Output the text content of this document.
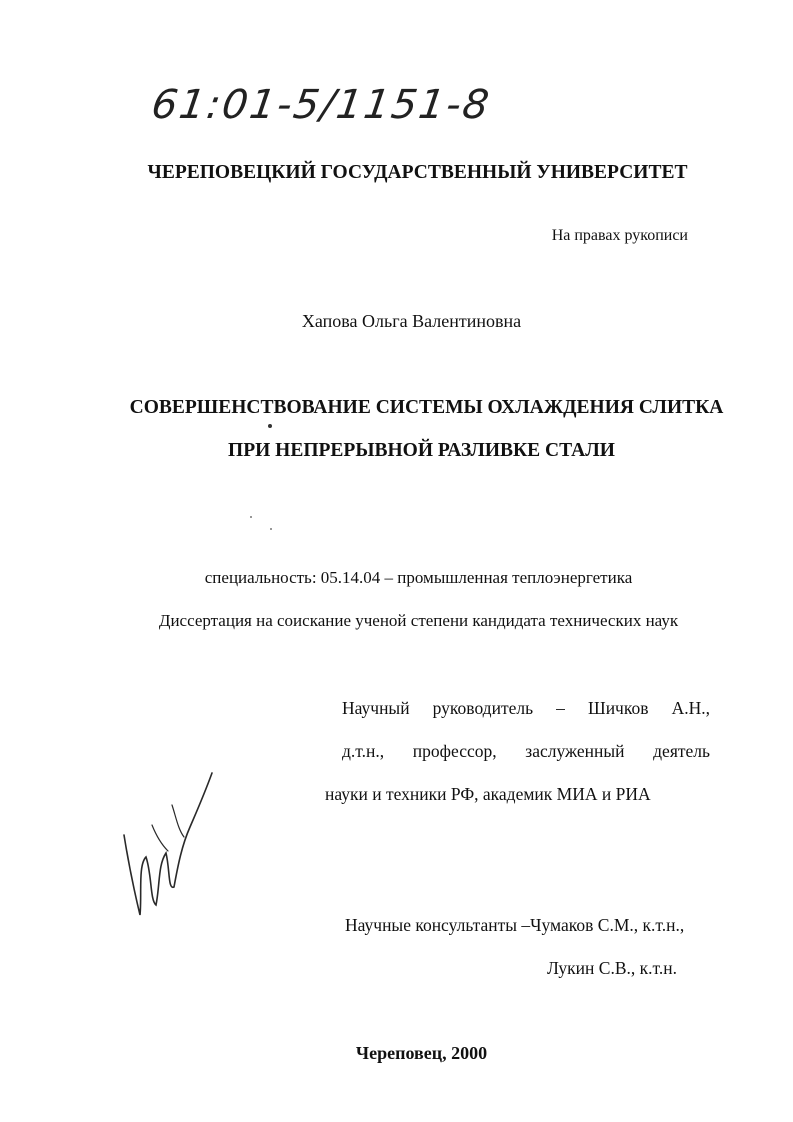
61:01-5/1151-8
ЧЕРЕПОВЕЦКИЙ ГОСУДАРСТВЕННЫЙ УНИВЕРСИТЕТ
На правах рукописи
Хапова Ольга Валентиновна
СОВЕРШЕНСТВОВАНИЕ СИСТЕМЫ ОХЛАЖДЕНИЯ СЛИТКА
ПРИ НЕПРЕРЫВНОЙ РАЗЛИВКЕ СТАЛИ
специальность: 05.14.04 – промышленная теплоэнергетика
Диссертация на соискание ученой степени кандидата технических наук
Научный руководитель – Шичков А.Н.,
д.т.н., профессор, заслуженный деятель
науки и техники РФ, академик МИА и РИА
Научные консультанты –Чумаков С.М., к.т.н.,
Лукин С.В., к.т.н.
Череповец, 2000
